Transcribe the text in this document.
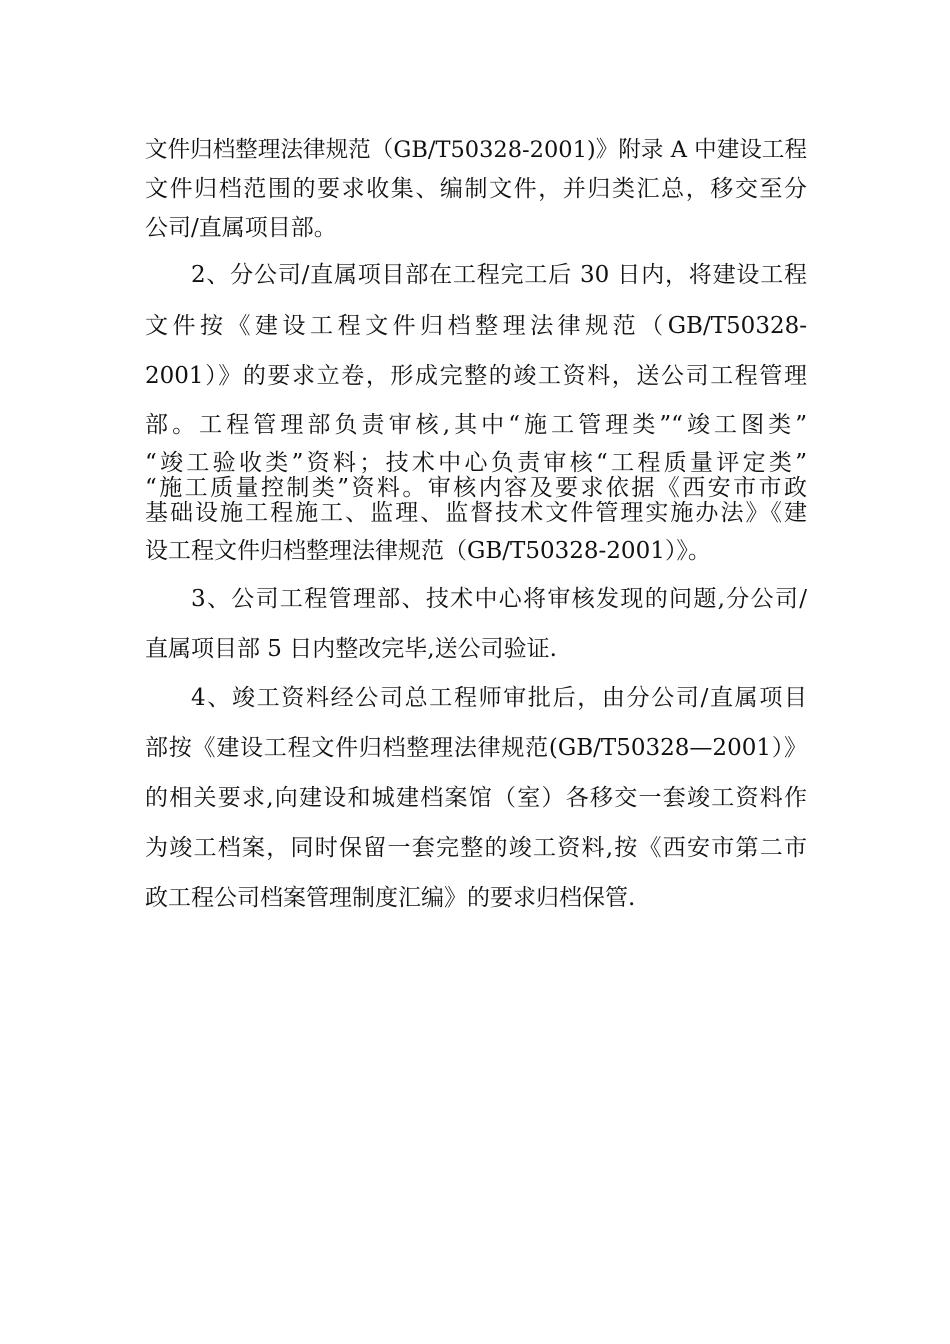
文件归档整理法律规范（GB/T50328-2001)》附录 A 中建设工程
文件归档范围的要求收集、编制文件，并归类汇总，移交至分
公司/直属项目部。
2、分公司/直属项目部在工程完工后 30 日内，将建设工程
文件按《建设工程文件归档整理法律规范（GB/T50328-
2001）》的要求立卷，形成完整的竣工资料，送公司工程管理
部。工程管理部负责审核,其中“施工管理类”“竣工图类”
“竣工验收类”资料；技术中心负责审核“工程质量评定类”
“施工质量控制类”资料。审核内容及要求依据《西安市市政
基础设施工程施工、监理、监督技术文件管理实施办法》《建
设工程文件归档整理法律规范（GB/T50328-2001）》。
3、公司工程管理部、技术中心将审核发现的问题,分公司/
直属项目部 5 日内整改完毕,送公司验证.
4、竣工资料经公司总工程师审批后，由分公司/直属项目
部按《建设工程文件归档整理法律规范(GB/T50328—2001）》
的相关要求,向建设和城建档案馆（室）各移交一套竣工资料作
为竣工档案，同时保留一套完整的竣工资料,按《西安市第二市
政工程公司档案管理制度汇编》的要求归档保管.
